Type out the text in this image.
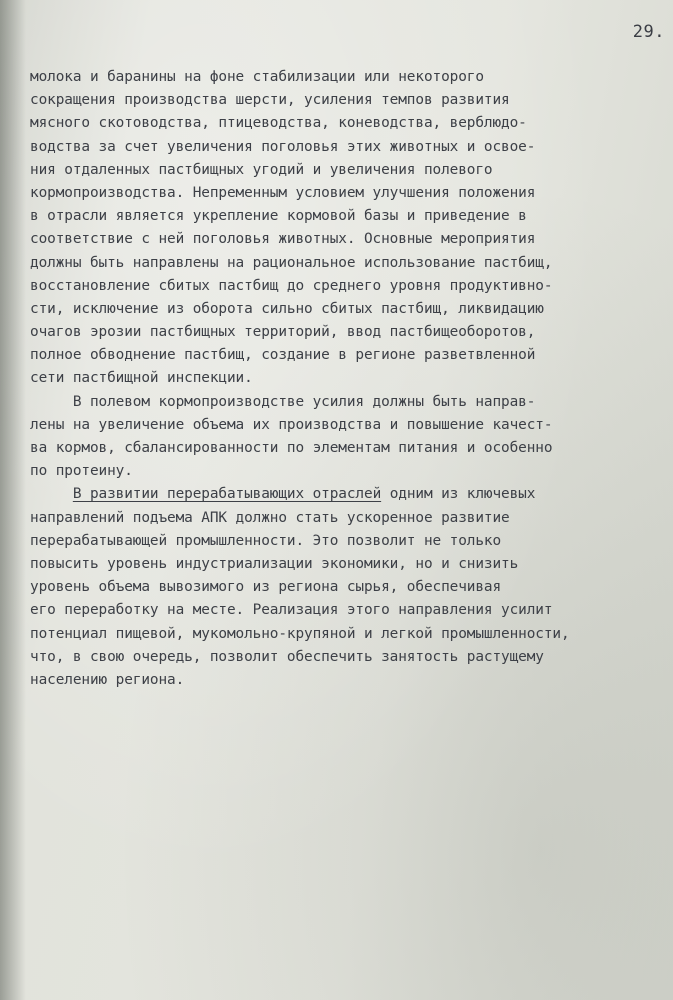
29.
молока и баранины на фоне стабилизации или некоторого
сокращения производства шерсти, усиления темпов развития
мясного скотоводства, птицеводства, коневодства, верблюдо-
водства за счет увеличения поголовья этих животных и освое-
ния отдаленных пастбищных угодий и увеличения полевого
кормопроизводства. Непременным условием улучшения положения
в отрасли является укрепление кормовой базы и приведение в
соответствие с ней поголовья животных. Основные мероприятия
должны быть направлены на рациональное использование пастбищ,
восстановление сбитых пастбищ до среднего уровня продуктивно-
сти, исключение из оборота сильно сбитых пастбищ, ликвидацию
очагов эрозии пастбищных территорий, ввод пастбищеоборотов,
полное обводнение пастбищ, создание в регионе разветвленной
сети пастбищной инспекции.
В полевом кормопроизводстве усилия должны быть направ-
лены на увеличение объема их производства и повышение качест-
ва кормов, сбалансированности по элементам питания и особенно
по протеину.
В развитии перерабатывающих отраслей одним из ключевых
направлений подъема АПК должно стать ускоренное развитие
перерабатывающей промышленности. Это позволит не только
повысить уровень индустриализации экономики, но и снизить
уровень объема вывозимого из региона сырья, обеспечивая
его переработку на месте. Реализация этого направления усилит
потенциал пищевой, мукомольно-крупяной и легкой промышленности,
что, в свою очередь, позволит обеспечить занятость растущему
населению региона.
